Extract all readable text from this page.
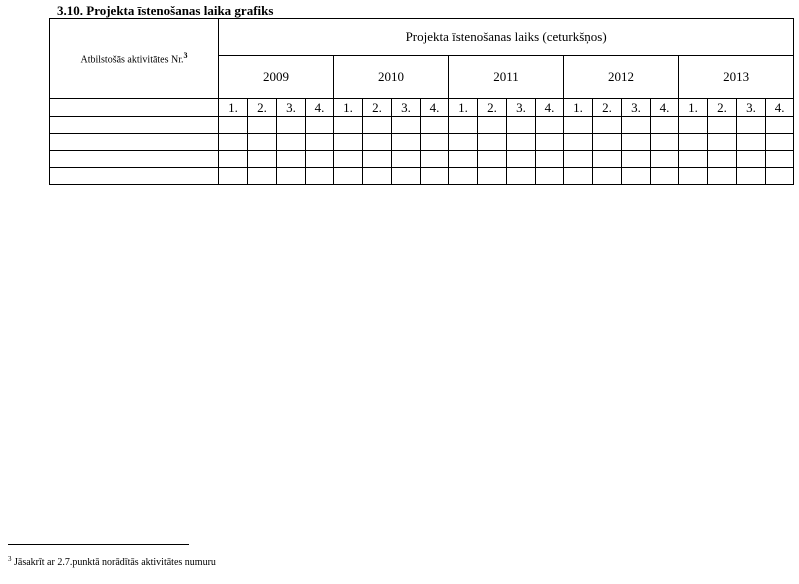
3.10. Projekta īstenošanas laika grafiks
Atbilstošās aktivitātes Nr.$^3$	Projekta īstenošanas laiks (ceturkšņos)																			
	2009				2010				2011				2012				2013			
	1.	2.	3.	4.	1.	2.	3.	4.	1.	2.	3.	4.	1.	2.	3.	4.	1.	2.	3.	4.

$^3$ Jāsakrīt ar 2.7.punktā norādītās aktivitātes numuru
